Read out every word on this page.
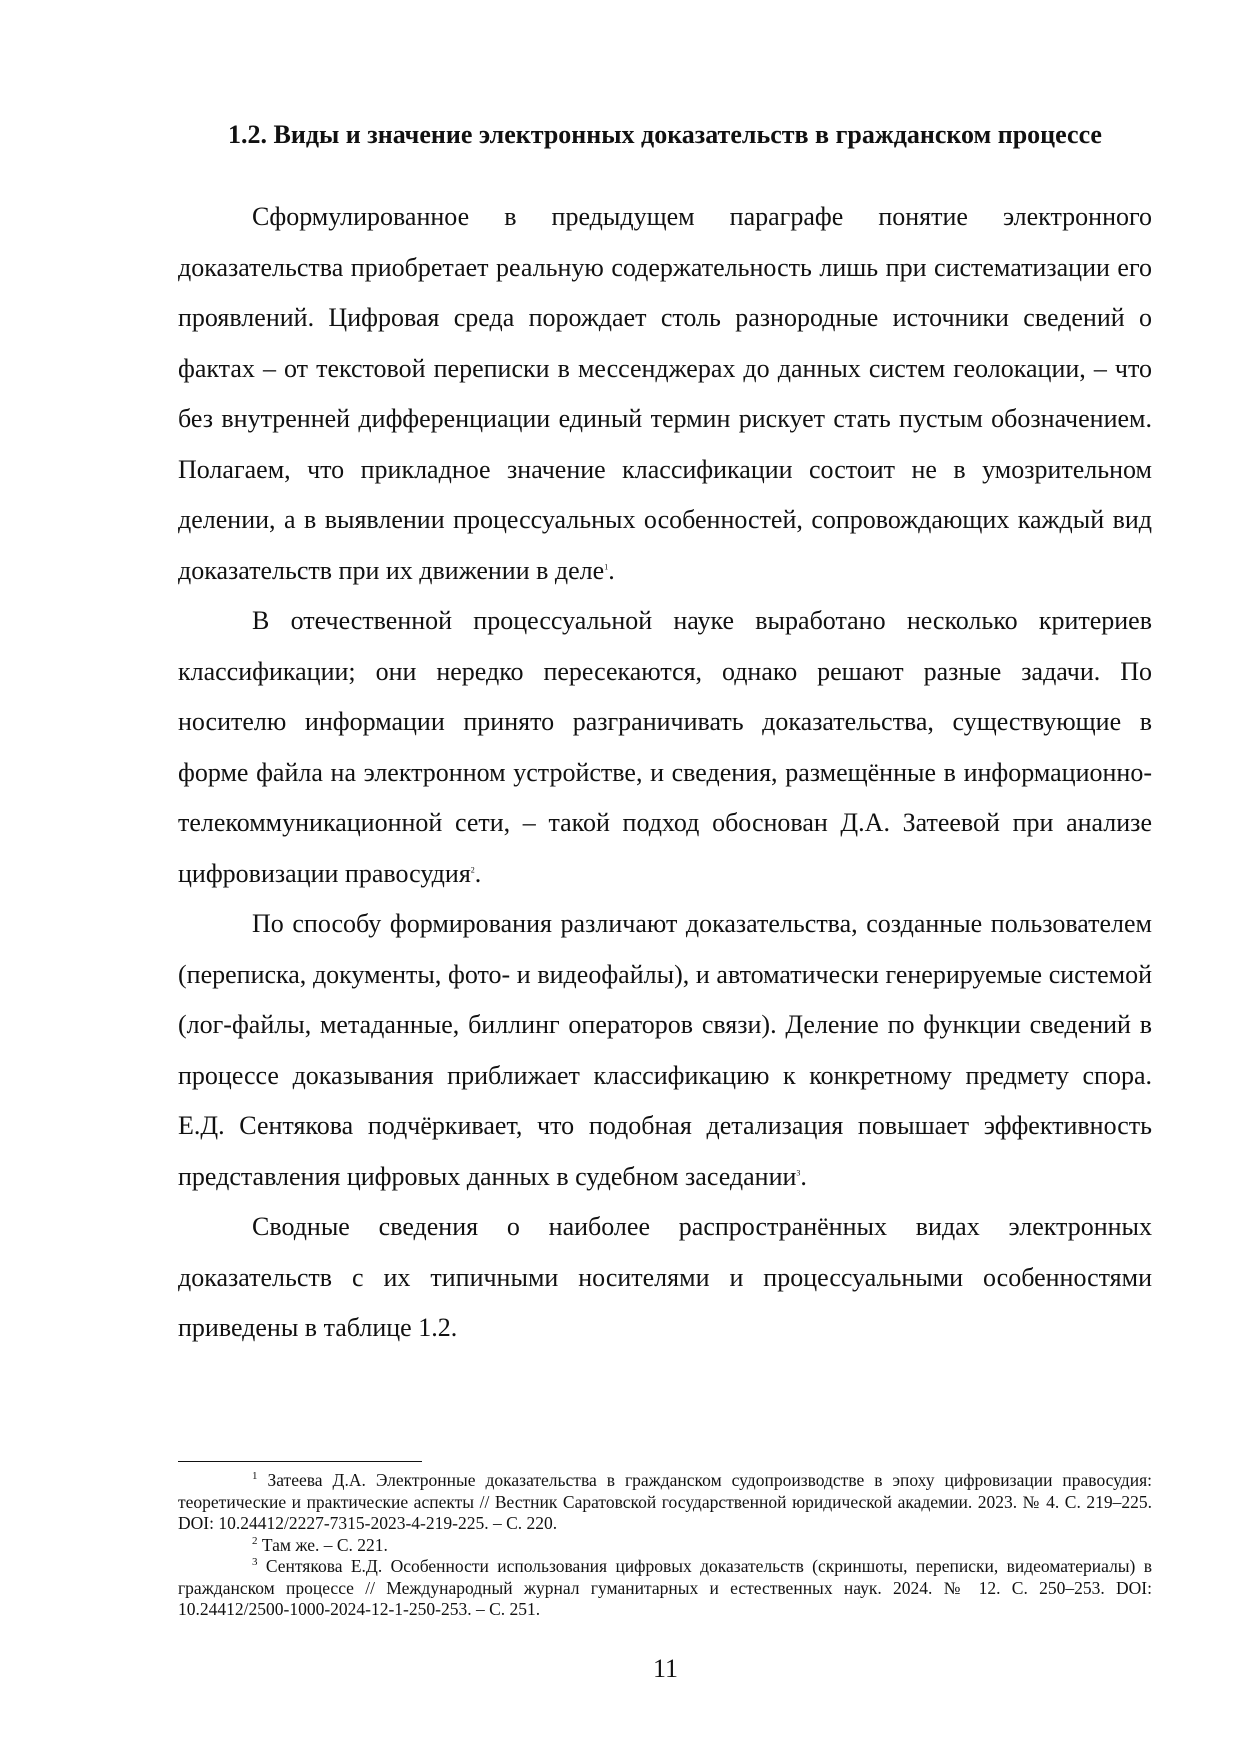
1.2. Виды и значение электронных доказательств в гражданском процессе

Сформулированное в предыдущем параграфе понятие электронного доказательства приобретает реальную содержательность лишь при систематизации его проявлений. Цифровая среда порождает столь разнородные источники сведений о фактах – от текстовой переписки в мессенджерах до данных систем геолокации, – что без внутренней дифференциации единый термин рискует стать пустым обозначением. Полагаем, что прикладное значение классификации состоит не в умозрительном делении, а в выявлении процессуальных особенностей, сопровождающих каждый вид доказательств при их движении в деле$^1$.

В отечественной процессуальной науке выработано несколько критериев классификации; они нередко пересекаются, однако решают разные задачи. По носителю информации принято разграничивать доказательства, существующие в форме файла на электронном устройстве, и сведения, размещённые в информационно-телекоммуникационной сети, – такой подход обоснован Д.А. Затеевой при анализе цифровизации правосудия$^2$.

По способу формирования различают доказательства, созданные пользователем (переписка, документы, фото- и видеофайлы), и автоматически генерируемые системой (лог-файлы, метаданные, биллинг операторов связи). Деление по функции сведений в процессе доказывания приближает классификацию к конкретному предмету спора. Е.Д. Сентякова подчёркивает, что подобная детализация повышает эффективность представления цифровых данных в судебном заседании$^3$.

Сводные сведения о наиболее распространённых видах электронных доказательств с их типичными носителями и процессуальными особенностями приведены в таблице 1.2.

$^1$ Затеева Д.А. Электронные доказательства в гражданском судопроизводстве в эпоху цифровизации правосудия: теоретические и практические аспекты // Вестник Саратовской государственной юридической академии. 2023. № 4. С. 219–225. DOI: 10.24412/2227-7315-2023-4-219-225. – С. 220.

$^2$ Там же. – С. 221.

$^3$ Сентякова Е.Д. Особенности использования цифровых доказательств (скриншоты, переписки, видеоматериалы) в гражданском процессе // Международный журнал гуманитарных и естественных наук. 2024. № 12. С. 250–253. DOI: 10.24412/2500-1000-2024-12-1-250-253. – С. 251.

11
